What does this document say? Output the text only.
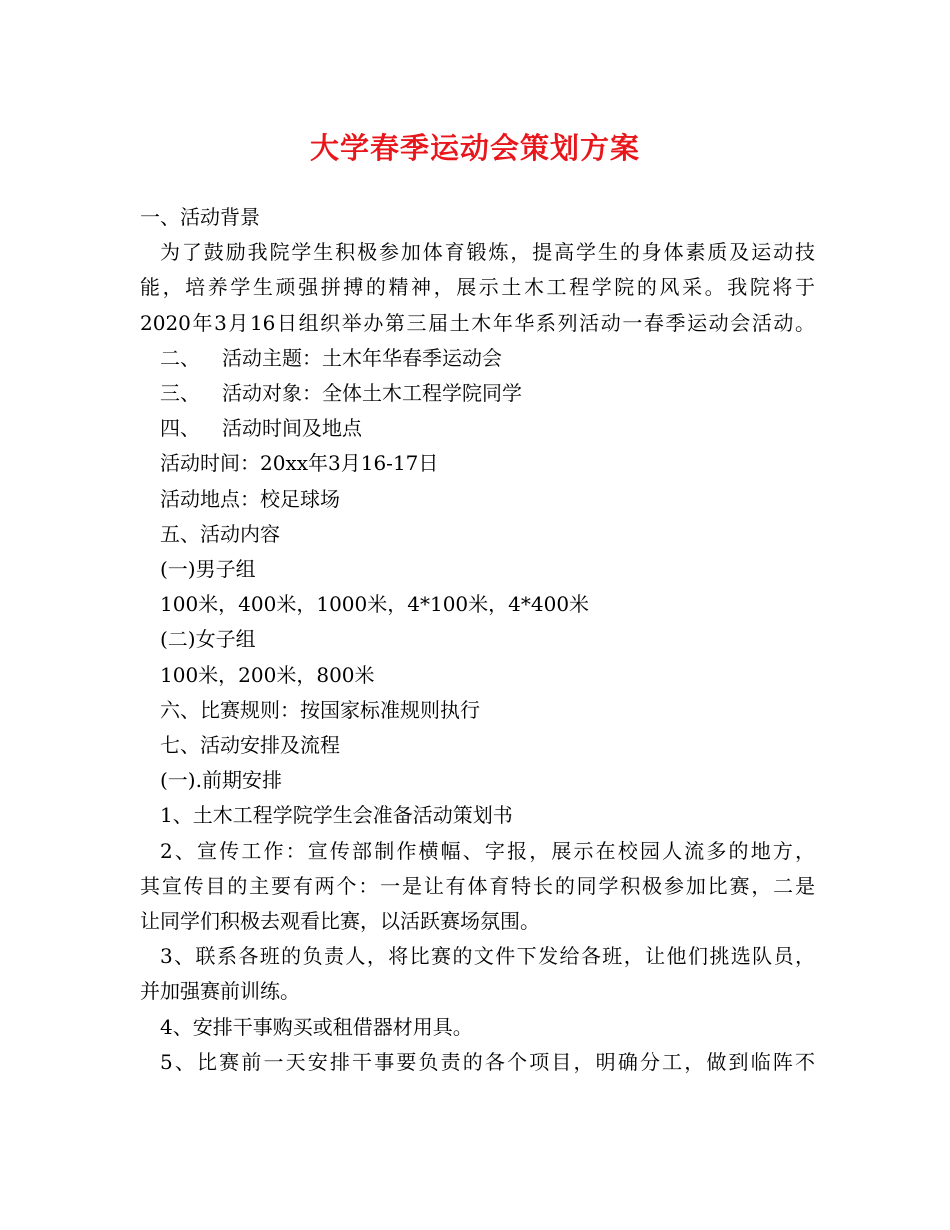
大学春季运动会策划方案

一、活动背景

为了鼓励我院学生积极参加体育锻炼，提高学生的身体素质及运动技

能，培养学生顽强拼搏的精神，展示土木工程学院的风采。我院将于

2020年3月16日组织举办第三届土木年华系列活动一春季运动会活动。

二、 活动主题：土木年华春季运动会

三、 活动对象：全体土木工程学院同学

四、 活动时间及地点

活动时间：20xx年3月16-17日

活动地点：校足球场

五、活动内容

(一)男子组

100米，400米，1000米，4*100米，4*400米

(二)女子组

100米，200米，800米

六、比赛规则：按国家标准规则执行

七、活动安排及流程

(一).前期安排

1、土木工程学院学生会准备活动策划书

2、宣传工作：宣传部制作横幅、字报，展示在校园人流多的地方，

其宣传目的主要有两个：一是让有体育特长的同学积极参加比赛，二是

让同学们积极去观看比赛，以活跃赛场氛围。

3、联系各班的负责人，将比赛的文件下发给各班，让他们挑选队员，

并加强赛前训练。

4、安排干事购买或租借器材用具。

5、比赛前一天安排干事要负责的各个项目，明确分工，做到临阵不
